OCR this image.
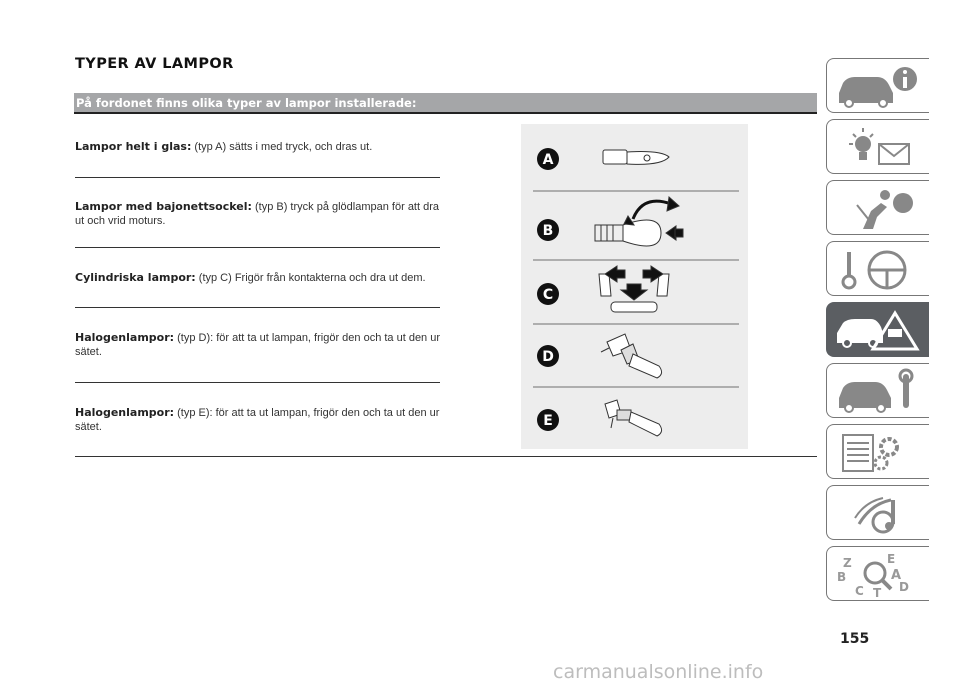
TYPER AV LAMPOR
På fordonet finns olika typer av lampor installerade:
Lampor helt i glas: (typ A) sätts i med tryck, och dras ut.
Lampor med bajonettsockel: (typ B) tryck på glödlampan för att dra ut och vrid moturs.
Cylindriska lampor: (typ C) Frigör från kontakterna och dra ut dem.
Halogenlampor: (typ D): för att ta ut lampan, frigör den och ta ut den ur sätet.
Halogenlampor: (typ E): för att ta ut lampan, frigör den och ta ut den ur sätet.
A
B
C
D
E
Z	E
B	A
C T D
155
carmanualsonline.info
